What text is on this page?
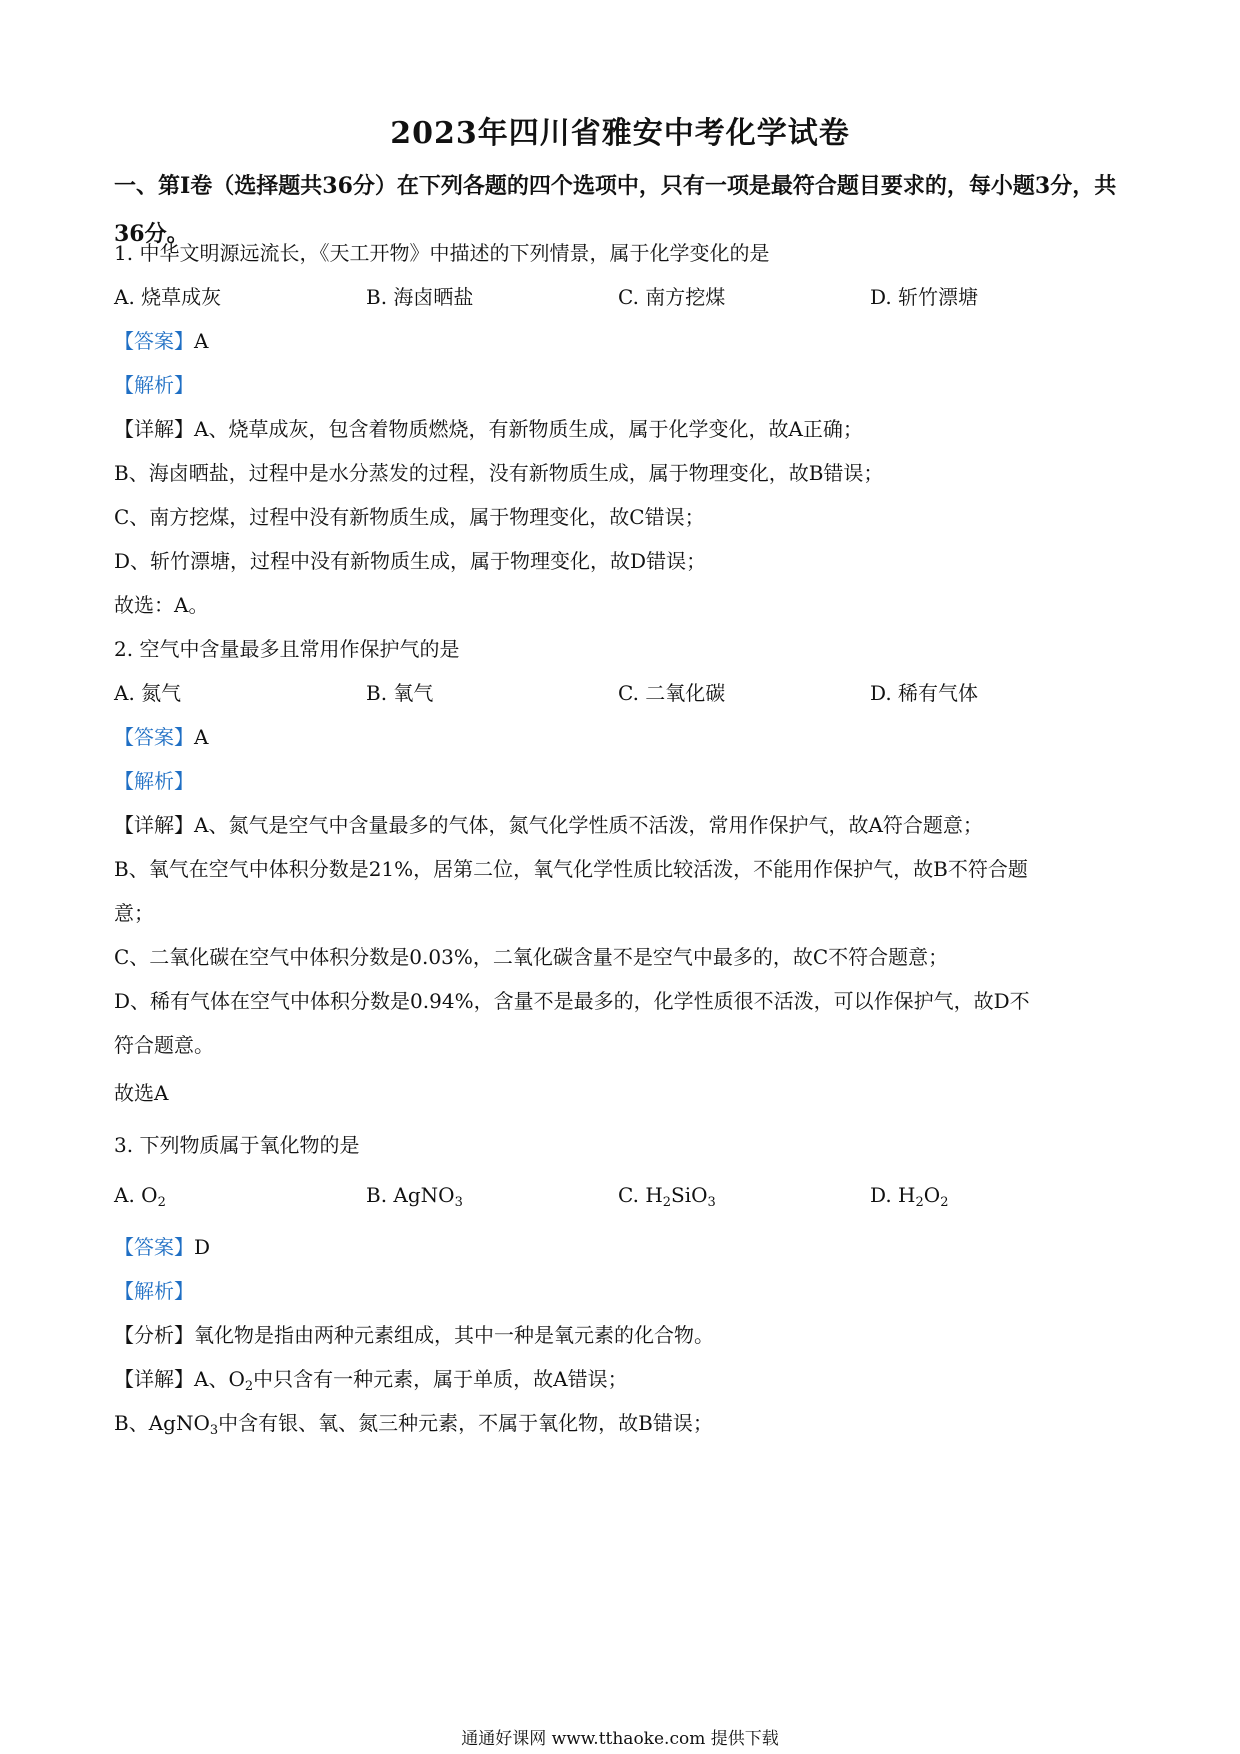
2023年四川省雅安中考化学试卷
一、第Ⅰ卷（选择题共36分）在下列各题的四个选项中，只有一项是最符合题目要求的，每小题3分，共36分。
1. 中华文明源远流长，《天工开物》中描述的下列情景，属于化学变化的是
A. 烧草成灰	B. 海卤晒盐	C. 南方挖煤	D. 斩竹漂塘
【答案】A
【解析】
【详解】A、烧草成灰，包含着物质燃烧，有新物质生成，属于化学变化，故A正确；
B、海卤晒盐，过程中是水分蒸发的过程，没有新物质生成，属于物理变化，故B错误；
C、南方挖煤，过程中没有新物质生成，属于物理变化，故C错误；
D、斩竹漂塘，过程中没有新物质生成，属于物理变化，故D错误；
故选：A。
2. 空气中含量最多且常用作保护气的是
A. 氮气	B. 氧气	C. 二氧化碳	D. 稀有气体
【答案】A
【解析】
【详解】A、氮气是空气中含量最多的气体，氮气化学性质不活泼，常用作保护气，故A符合题意；
B、氧气在空气中体积分数是21%，居第二位，氧气化学性质比较活泼，不能用作保护气，故B不符合题
意；
C、二氧化碳在空气中体积分数是0.03%，二氧化碳含量不是空气中最多的，故C不符合题意；
D、稀有气体在空气中体积分数是0.94%，含量不是最多的，化学性质很不活泼，可以作保护气，故D不
符合题意。
故选A
3. 下列物质属于氧化物的是
A. $O_2$	B. AgNO$_3$	C. $H_2SiO_3$	D. $H_2O_2$
【答案】D
【解析】
【分析】氧化物是指由两种元素组成，其中一种是氧元素的化合物。
【详解】A、$O_2$中只含有一种元素，属于单质，故A错误；
B、AgNO$_3$中含有银、氧、氮三种元素，不属于氧化物，故B错误；
通通好课网 www.tthaoke.com 提供下载
